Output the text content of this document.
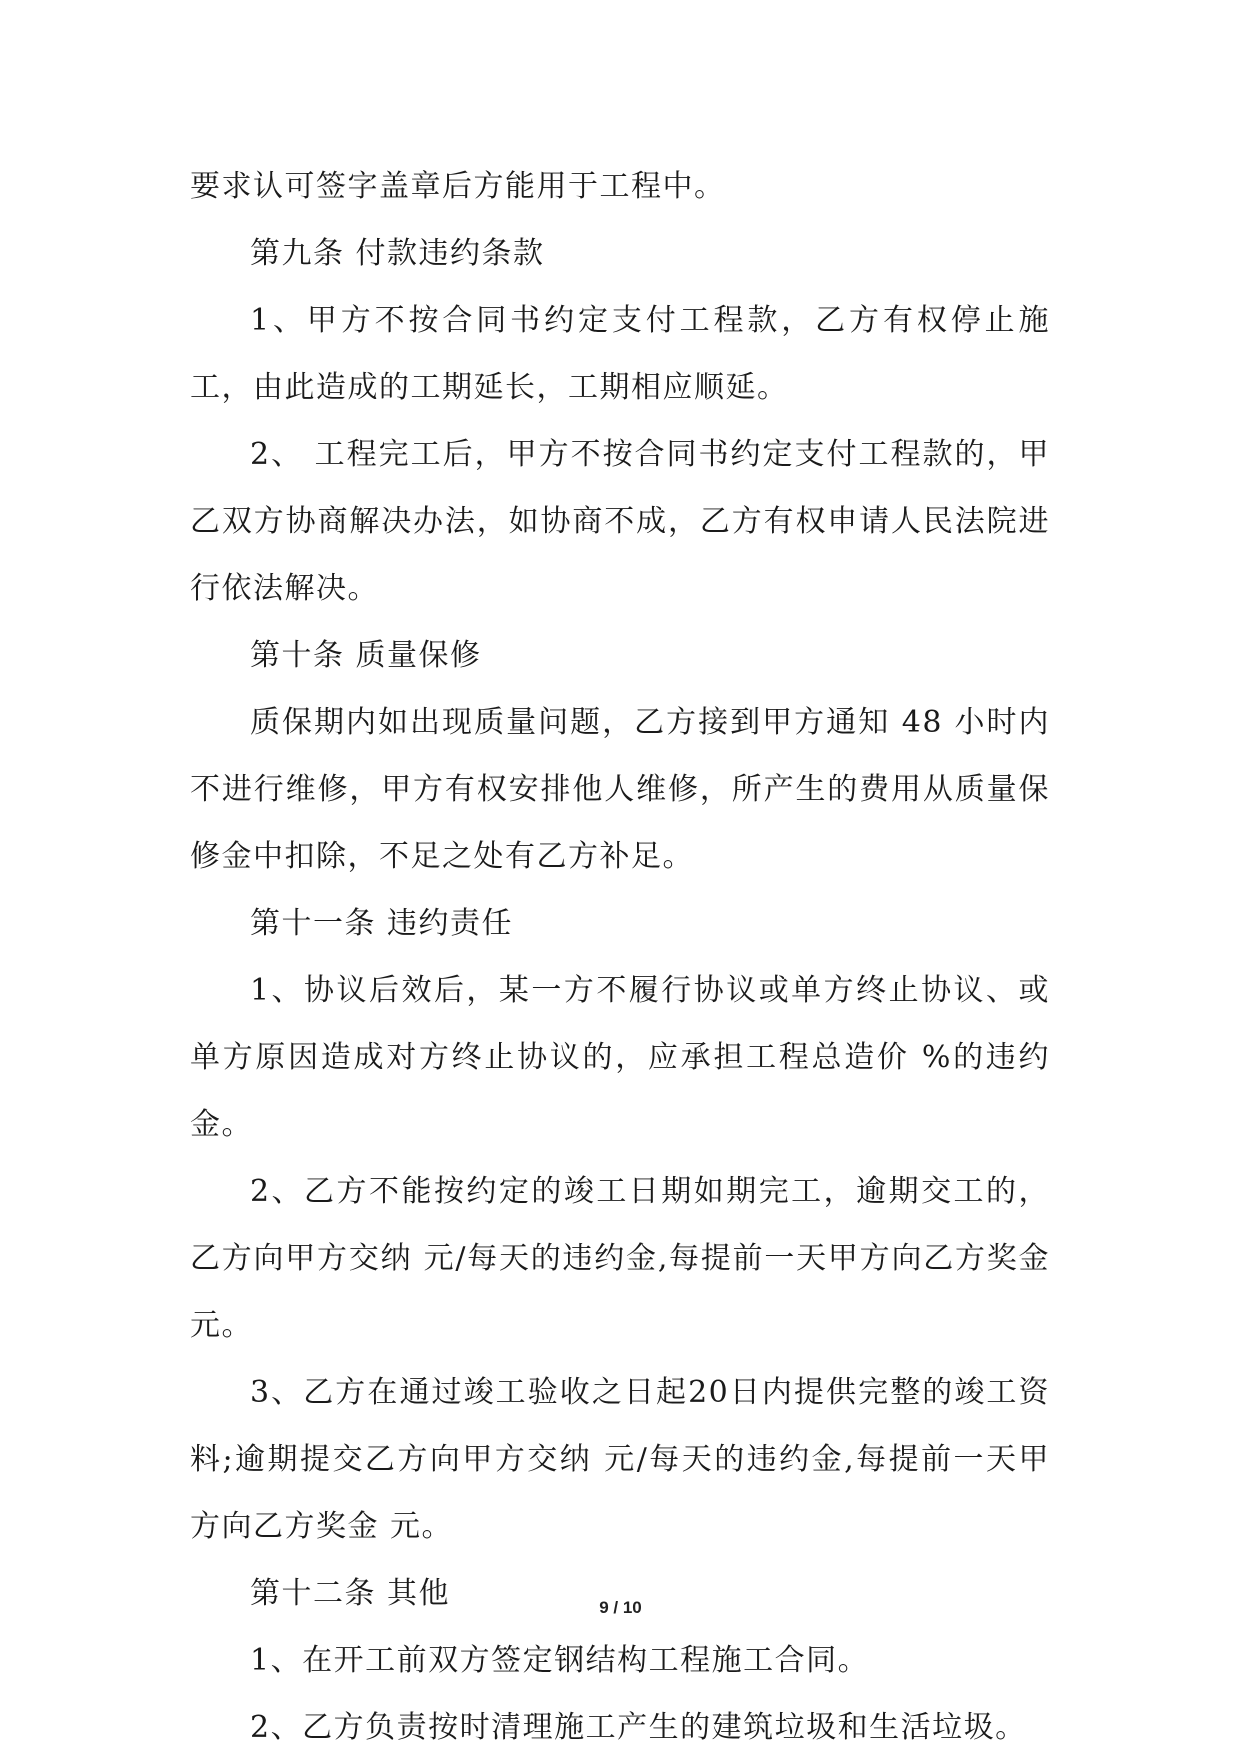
要求认可签字盖章后方能用于工程中。

第九条 付款违约条款

1、甲方不按合同书约定支付工程款，乙方有权停止施工，由此造成的工期延长，工期相应顺延。

2、 工程完工后，甲方不按合同书约定支付工程款的，甲乙双方协商解决办法，如协商不成，乙方有权申请人民法院进行依法解决。

第十条 质量保修

质保期内如出现质量问题，乙方接到甲方通知 48 小时内不进行维修，甲方有权安排他人维修，所产生的费用从质量保修金中扣除，不足之处有乙方补足。

第十一条 违约责任

1、协议后效后，某一方不履行协议或单方终止协议、或单方原因造成对方终止协议的，应承担工程总造价 %的违约金。

2、乙方不能按约定的竣工日期如期完工，逾期交工的，乙方向甲方交纳 元/每天的违约金,每提前一天甲方向乙方奖金 元。

3、乙方在通过竣工验收之日起20日内提供完整的竣工资料;逾期提交乙方向甲方交纳 元/每天的违约金,每提前一天甲方向乙方奖金 元。

第十二条 其他

1、在开工前双方签定钢结构工程施工合同。

2、乙方负责按时清理施工产生的建筑垃圾和生活垃圾。

9 / 10
